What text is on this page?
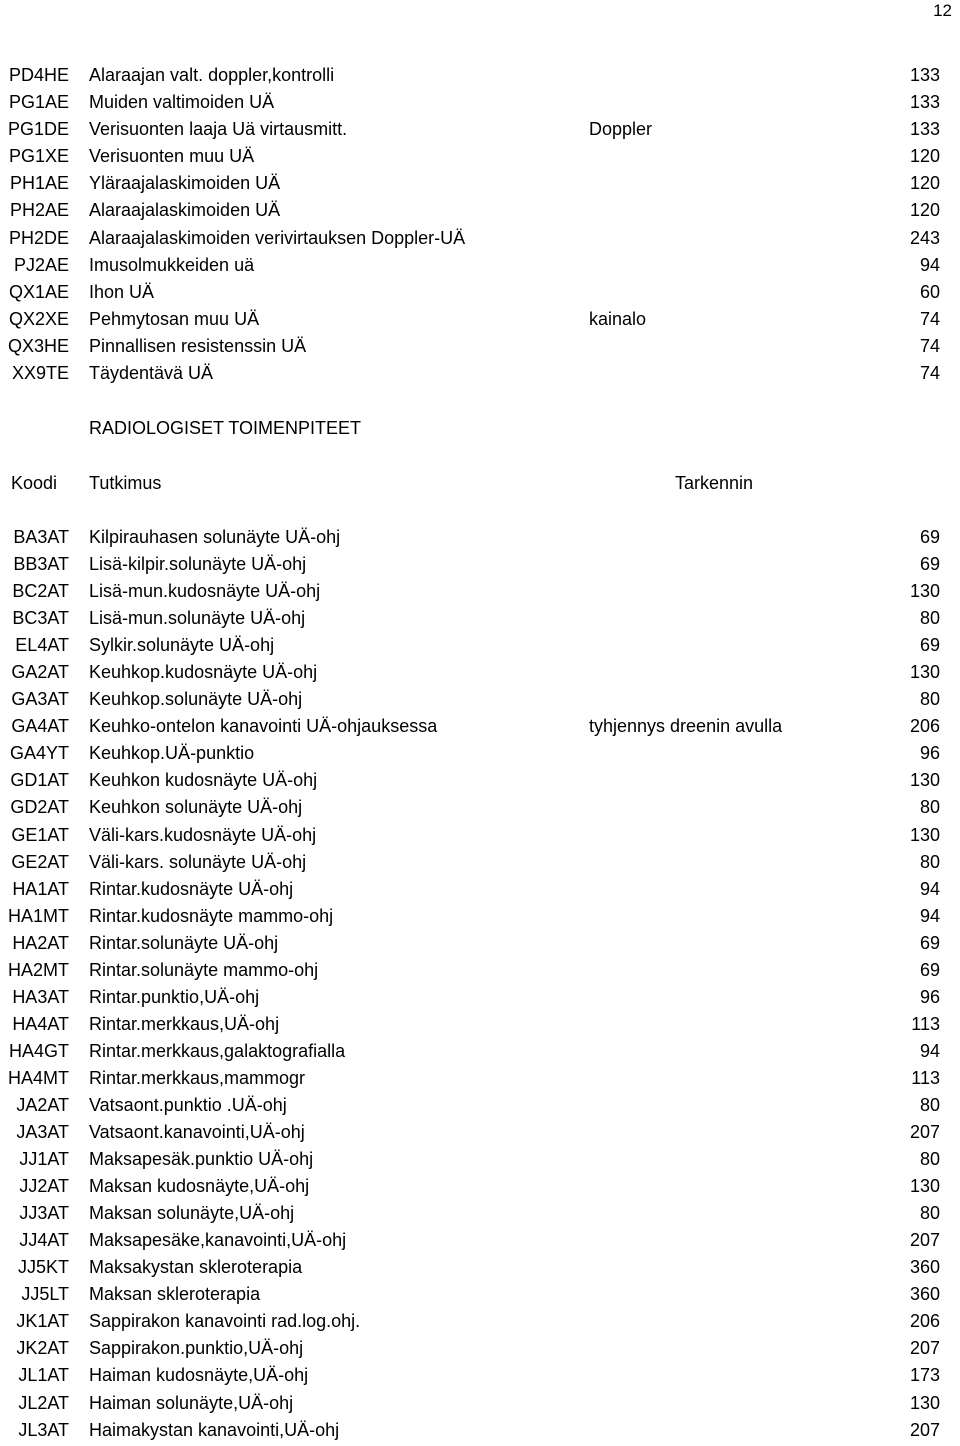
12
PD4HE Alaraajan valt. doppler,kontrolli	133
PG1AE Muiden valtimoiden UÄ	133
PG1DE Verisuonten laaja Uä virtausmitt.	Doppler	133
PG1XE Verisuonten muu UÄ	120
PH1AE Yläraajalaskimoiden UÄ	120
PH2AE Alaraajalaskimoiden UÄ	120
PH2DE Alaraajalaskimoiden verivirtauksen Doppler-UÄ	243
PJ2AE Imusolmukkeiden uä	94
QX1AE Ihon UÄ	60
QX2XE Pehmytosan muu UÄ	kainalo	74
QX3HE Pinnallisen resistenssin UÄ	74
XX9TE Täydentävä UÄ	74
RADIOLOGISET TOIMENPITEET
Koodi Tutkimus	Tarkennin
BA3AT Kilpirauhasen solunäyte UÄ-ohj	69
BB3AT Lisä-kilpir.solunäyte UÄ-ohj	69
BC2AT Lisä-mun.kudosnäyte UÄ-ohj	130
BC3AT Lisä-mun.solunäyte UÄ-ohj	80
EL4AT Sylkir.solunäyte UÄ-ohj	69
GA2AT Keuhkop.kudosnäyte UÄ-ohj	130
GA3AT Keuhkop.solunäyte UÄ-ohj	80
GA4AT Keuhko-ontelon kanavointi UÄ-ohjauksessa	tyhjennys dreenin avulla	206
GA4YT Keuhkop.UÄ-punktio	96
GD1AT Keuhkon kudosnäyte UÄ-ohj	130
GD2AT Keuhkon solunäyte UÄ-ohj	80
GE1AT Väli-kars.kudosnäyte UÄ-ohj	130
GE2AT Väli-kars. solunäyte UÄ-ohj	80
HA1AT Rintar.kudosnäyte UÄ-ohj	94
HA1MT Rintar.kudosnäyte mammo-ohj	94
HA2AT Rintar.solunäyte UÄ-ohj	69
HA2MT Rintar.solunäyte mammo-ohj	69
HA3AT Rintar.punktio,UÄ-ohj	96
HA4AT Rintar.merkkaus,UÄ-ohj	113
HA4GT Rintar.merkkaus,galaktografialla	94
HA4MT Rintar.merkkaus,mammogr	113
JA2AT Vatsaont.punktio .UÄ-ohj	80
JA3AT Vatsaont.kanavointi,UÄ-ohj	207
JJ1AT Maksapesäk.punktio UÄ-ohj	80
JJ2AT Maksan kudosnäyte,UÄ-ohj	130
JJ3AT Maksan solunäyte,UÄ-ohj	80
JJ4AT Maksapesäke,kanavointi,UÄ-ohj	207
JJ5KT Maksakystan skleroterapia	360
JJ5LT Maksan skleroterapia	360
JK1AT Sappirakon kanavointi rad.log.ohj.	206
JK2AT Sappirakon.punktio,UÄ-ohj	207
JL1AT Haiman kudosnäyte,UÄ-ohj	173
JL2AT Haiman solunäyte,UÄ-ohj	130
JL3AT Haimakystan kanavointi,UÄ-ohj	207
